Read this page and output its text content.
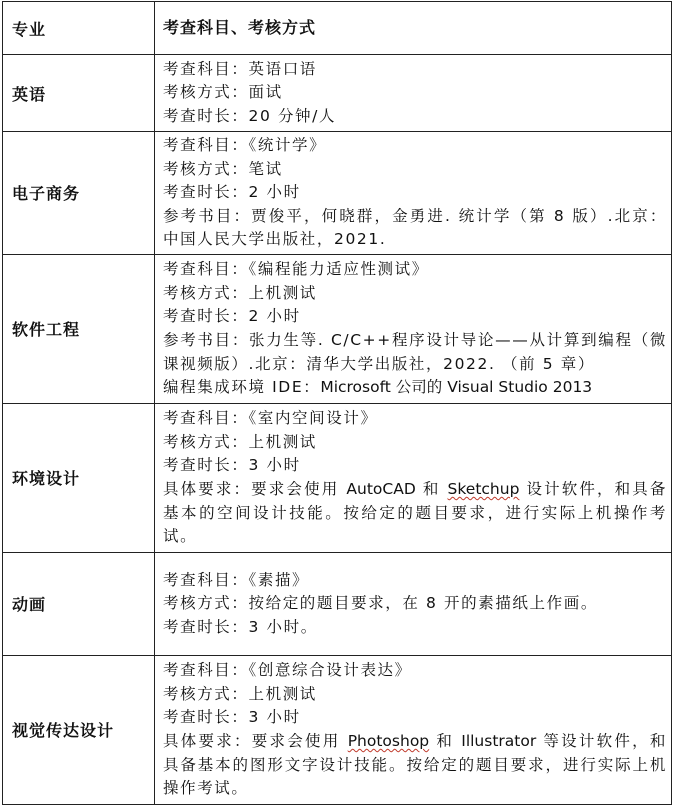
专业	考查科目、考核方式
英语	考查科目：英语口语
考核方式：面试
考查时长：20 分钟/人

电子商务	考查科目：《统计学》
考核方式：笔试
考查时长：2 小时
参考书目：贾俊平，何晓群，金勇进. 统计学（第 8 版）.北京：中国人民大学出版社，2021.

软件工程	考查科目：《编程能力适应性测试》
考核方式：上机测试
考查时长：2 小时
参考书目：张力生等. C/C++程序设计导论——从计算到编程（微课视频版）.北京：清华大学出版社，2022. （前 5 章）
编程集成环境 IDE：Microsoft 公司的 Visual Studio 2013

环境设计	考查科目：《室内空间设计》
考核方式：上机测试
考查时长：3 小时
具体要求：要求会使用 AutoCAD 和 Sketchup 设计软件，和具备基本的空间设计技能。按给定的题目要求，进行实际上机操作考试。

动画	考查科目：《素描》
考核方式：按给定的题目要求，在 8 开的素描纸上作画。
考查时长：3 小时。

视觉传达设计	考查科目：《创意综合设计表达》
考核方式：上机测试
考查时长：3 小时
具体要求：要求会使用 Photoshop 和 Illustrator 等设计软件，和具备基本的图形文字设计技能。按给定的题目要求，进行实际上机操作考试。
